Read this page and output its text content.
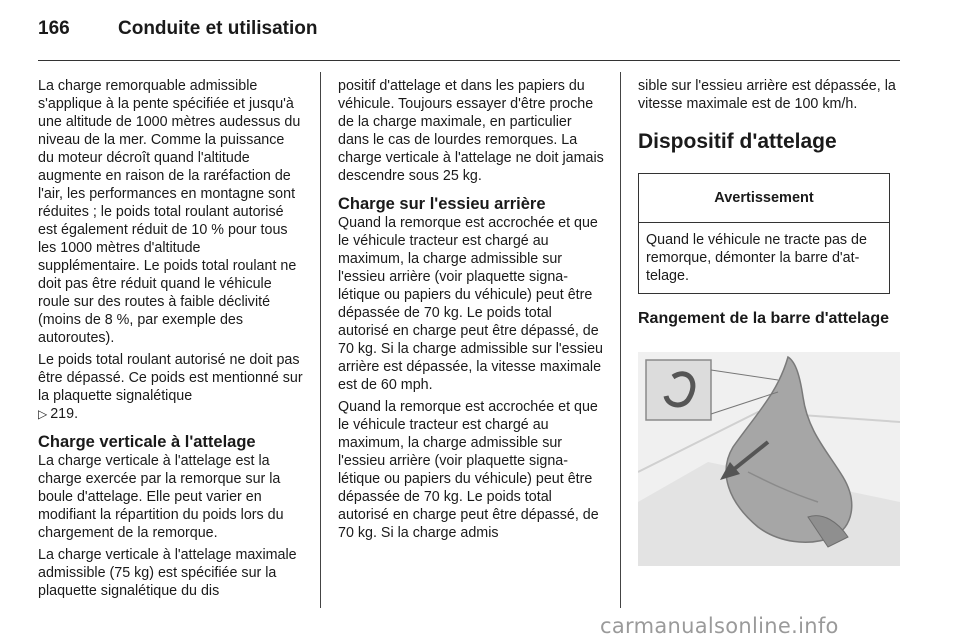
166	Conduite et utilisation

La charge remorquable admissible s'applique à la pente spécifiée et jusqu'à une altitude de 1000 mètres audessus du niveau de la mer. Comme la puissance du moteur décroît quand l'altitude augmente en raison de la raréfaction de l'air, les performances en montagne sont réduites ; le poids total roulant autorisé est également réduit de 10 % pour tous les 1000 mètres d'altitude supplémentaire. Le poids total roulant ne doit pas être réduit quand le véhicule roule sur des routes à faible déclivité (moins de 8 %, par exemple des autoroutes).

Le poids total roulant autorisé ne doit pas être dépassé. Ce poids est mentionné sur la plaquette signalétique
▷ 219.

Charge verticale à l'attelage

La charge verticale à l'attelage est la charge exercée par la remorque sur la boule d'attelage. Elle peut varier en modifiant la répartition du poids lors du chargement de la remorque.

La charge verticale à l'attelage maximale admissible (75 kg) est spécifiée sur la plaquette signalétique du dis

positif d'attelage et dans les papiers du véhicule. Toujours essayer d'être proche de la charge maximale, en particulier dans le cas de lourdes remorques. La charge verticale à l'attelage ne doit jamais descendre sous 25 kg.

Charge sur l'essieu arrière

Quand la remorque est accrochée et que le véhicule tracteur est chargé au maximum, la charge admissible sur l'essieu arrière (voir plaquette signalétique ou papiers du véhicule) peut être dépassée de 70 kg. Le poids total autorisé en charge peut être dépassé, de 70 kg. Si la charge admissible sur l'essieu arrière est dépassée, la vitesse maximale est de 60 mph.

Quand la remorque est accrochée et que le véhicule tracteur est chargé au maximum, la charge admissible sur l'essieu arrière (voir plaquette signalétique ou papiers du véhicule) peut être dépassée de 70 kg. Le poids total autorisé en charge peut être dépassé, de 70 kg. Si la charge admis

sible sur l'essieu arrière est dépassée, la vitesse maximale est de 100 km/h.

Dispositif d'attelage
Avertissement
Quand le véhicule ne tracte pas de remorque, démonter la barre d'attelage.
Rangement de la barre d'attelage
carmanualsonline.info
